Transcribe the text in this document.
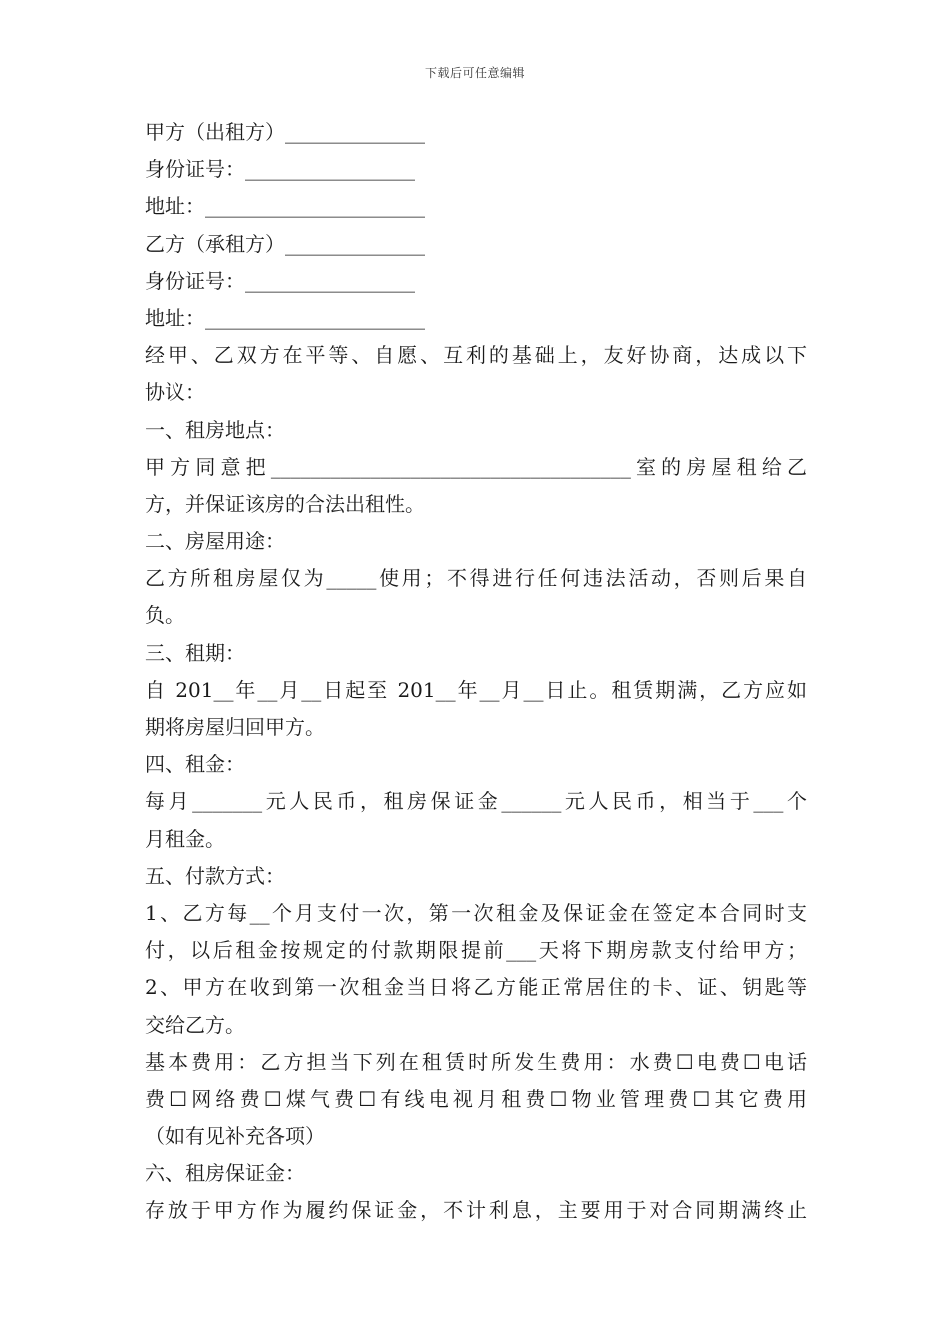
下载后可任意编辑
甲方（出租方）______________
身份证号：_________________
地址：______________________
乙方（承租方）______________
身份证号：_________________
地址：______________________
经甲、乙双方在平等、自愿、互利的基础上，友好协商，达成以下
协议：
一、租房地点：
甲方同意把____________________________________室的房屋租给乙
方，并保证该房的合法出租性。
二、房屋用途：
乙方所租房屋仅为_____使用；不得进行任何违法活动，否则后果自
负。
三、租期：
自 201__年__月__日起至 201__年__月__日止。租赁期满，乙方应如
期将房屋归回甲方。
四、租金：
每月_______元人民币，租房保证金______元人民币，相当于___个
月租金。
五、付款方式：
1、乙方每__个月支付一次，第一次租金及保证金在签定本合同时支
付，以后租金按规定的付款期限提前___天将下期房款支付给甲方；
2、甲方在收到第一次租金当日将乙方能正常居住的卡、证、钥匙等
交给乙方。
基本费用：乙方担当下列在租赁时所发生费用：水费☐电费☐电话
费☐网络费☐煤气费☐有线电视月租费☐物业管理费☐其它费用
（如有见补充各项）
六、租房保证金：
存放于甲方作为履约保证金，不计利息，主要用于对合同期满终止
